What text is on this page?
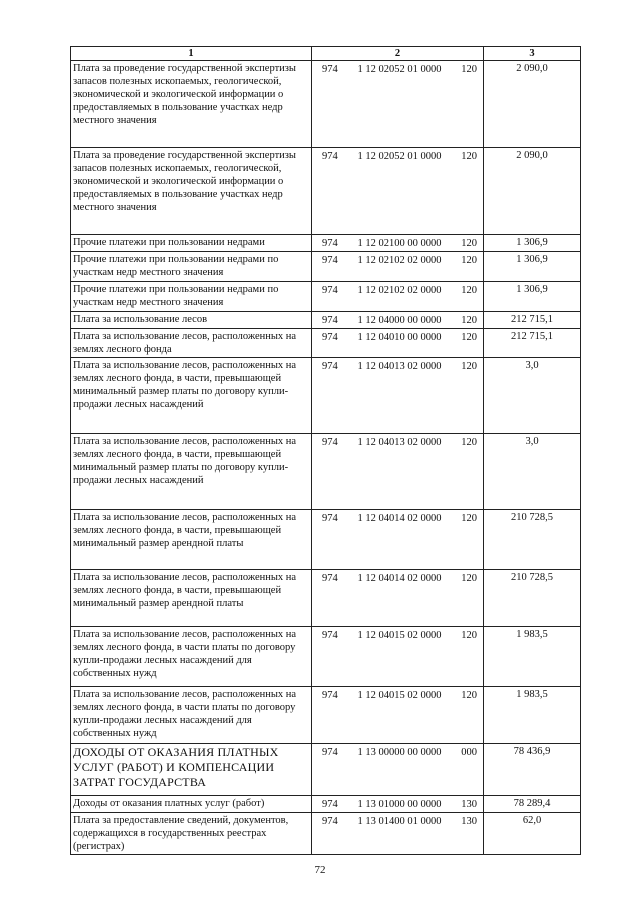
1	2	3
Плата за проведение государственной экспертизы запасов полезных ископаемых, геологической, экономической и экологической информации о предоставляемых в пользование участках недр местного значения	974 1 12 02052 01 0000 120	2 090,0
Плата за проведение государственной экспертизы запасов полезных ископаемых, геологической, экономической и экологической информации о предоставляемых в пользование участках недр местного значения	974 1 12 02052 01 0000 120	2 090,0
Прочие платежи при пользовании недрами	974 1 12 02100 00 0000 120	1 306,9
Прочие платежи при пользовании недрами по участкам недр местного значения	974 1 12 02102 02 0000 120	1 306,9
Прочие платежи при пользовании недрами по участкам недр местного значения	974 1 12 02102 02 0000 120	1 306,9
Плата за использование лесов	974 1 12 04000 00 0000 120	212 715,1
Плата за использование лесов, расположенных на землях лесного фонда	974 1 12 04010 00 0000 120	212 715,1
Плата за использование лесов, расположенных на землях лесного фонда, в части, превышающей минимальный размер платы по договору купли-продажи лесных насаждений	974 1 12 04013 02 0000 120	3,0
Плата за использование лесов, расположенных на землях лесного фонда, в части, превышающей минимальный размер платы по договору купли-продажи лесных насаждений	974 1 12 04013 02 0000 120	3,0
Плата за использование лесов, расположенных на землях лесного фонда, в части, превышающей минимальный размер арендной платы	974 1 12 04014 02 0000 120	210 728,5
Плата за использование лесов, расположенных на землях лесного фонда, в части, превышающей минимальный размер арендной платы	974 1 12 04014 02 0000 120	210 728,5
Плата за использование лесов, расположенных на землях лесного фонда, в части платы по договору купли-продажи лесных насаждений для собственных нужд	974 1 12 04015 02 0000 120	1 983,5
Плата за использование лесов, расположенных на землях лесного фонда, в части платы по договору купли-продажи лесных насаждений для собственных нужд	974 1 12 04015 02 0000 120	1 983,5
ДОХОДЫ ОТ ОКАЗАНИЯ ПЛАТНЫХ УСЛУГ (РАБОТ) И КОМПЕНСАЦИИ ЗАТРАТ ГОСУДАРСТВА	974 1 13 00000 00 0000 000	78 436,9
Доходы от оказания платных услуг (работ)	974 1 13 01000 00 0000 130	78 289,4
Плата за предоставление сведений, документов, содержащихся в государственных реестрах (регистрах)	974 1 13 01400 01 0000 130	62,0
72
